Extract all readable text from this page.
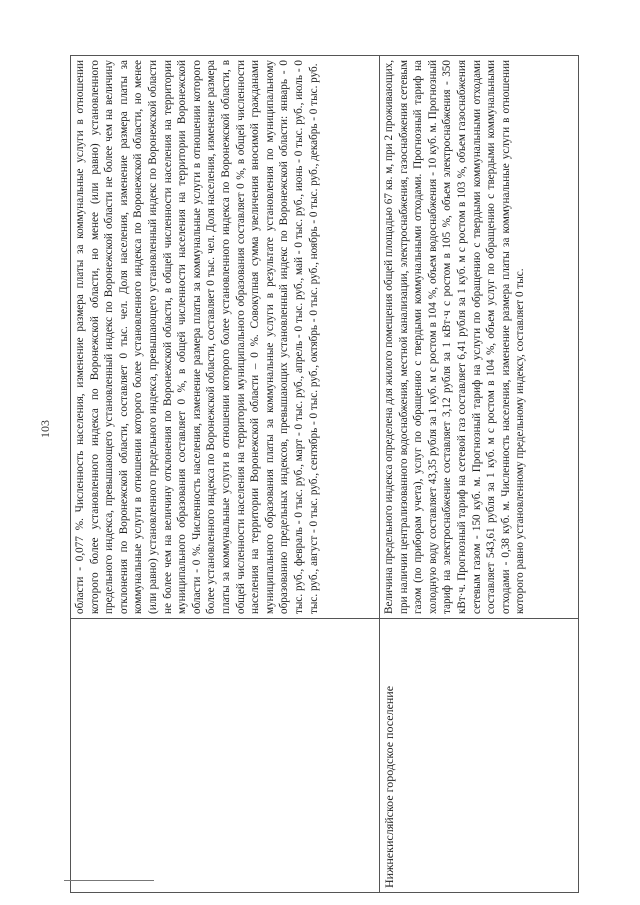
103

	области - 0,077 %. Численность населения, изменение размера платы за коммунальные услуги в отношении которого более установленного индекса по Воронежской области, но менее (или равно) установленного предельного индекса, превышающего установленный индекс по Воронежской области не более чем на величину отклонения по Воронежской области, составляет 0 тыс. чел. Доля населения, изменение размера платы за коммунальные услуги в отношении которого более установленного индекса по Воронежской области, но менее (или равно) установленного предельного индекса, превышающего установленный индекс по Воронежской области не более чем на величину отклонения по Воронежской области, в общей численности населения на территории муниципального образования составляет 0 %, в общей численности населения на территории Воронежской области - 0 %. Численность населения, изменение размера платы за коммунальные услуги в отношении которого более установленного индекса по Воронежской области, составляет 0 тыс. чел. Доля населения, изменение размера платы за коммунальные услуги в отношении которого более установленного индекса по Воронежской области, в общей численности населения на территории муниципального образования составляет 0 %, в общей численности населения на территории Воронежской области – 0 %. Совокупная сумма увеличения вносимой гражданами муниципального образования платы за коммунальные услуги в результате установления по муниципальному образованию предельных индексов, превышающих установленный индекс по Воронежской области: январь - 0 тыс. руб., февраль - 0 тыс. руб., март - 0 тыс. руб., апрель - 0 тыс. руб., май - 0 тыс. руб., июнь - 0 тыс. руб., июль - 0 тыс. руб., август - 0 тыс. руб., сентябрь - 0 тыс. руб., октябрь - 0 тыс. руб., ноябрь - 0 тыс. руб., декабрь - 0 тыс. руб.

Нижнекисляйское городское поселение	Величина предельного индекса определена для жилого помещения общей площадью 67 кв. м, при 2 проживающих, при наличии централизованного водоснабжения, местной канализации, электроснабжения, газоснабжения сетевым газом (по приборам учета), услуг по обращению с твердыми коммунальными отходами. Прогнозный тариф на холодную воду составляет 43,35 рубля за 1 куб. м с ростом в 104 %, объем водоснабжения - 10 куб. м. Прогнозный тариф на электроснабжение составляет 3,12 рубля за 1 кВт·ч с ростом в 105 %, объем электроснабжения - 350 кВт·ч. Прогнозный тариф на сетевой газ составляет 6,41 рубля за 1 куб. м с ростом в 103 %, объем газоснабжения сетевым газом - 150 куб. м. Прогнозный тариф на услуги по обращению с твердыми коммунальными отходами составляет 543,61 рубля за 1 куб. м с ростом в 104 %, объем услуг по обращению с твердыми коммунальными отходами - 0,38 куб. м. Численность населения, изменение размера платы за коммунальные услуги в отношении которого равно установленному предельному индексу, составляет 0 тыс.
